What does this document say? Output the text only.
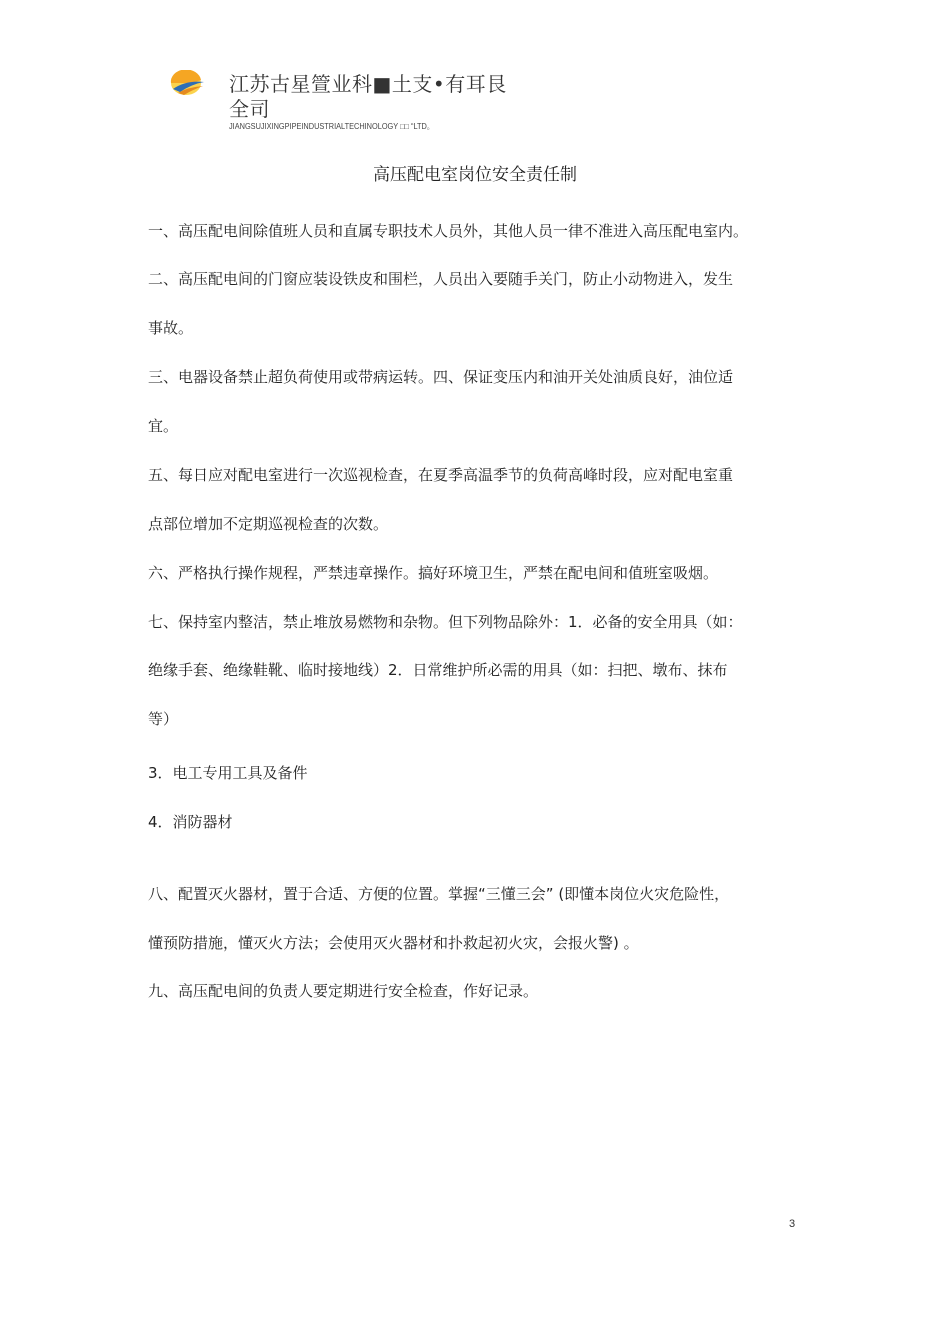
江苏古星箮业科■土支•有耳艮全司
JIANGSUJIXINGPIPEINDUSTRIALTECHINOLOGY □□ “LTD。
高压配电室岗位安全责任制
一、高压配电间除值班人员和直属专职技术人员外，其他人员一律不准进入高压配电室内。
二、高压配电间的门窗应装设铁皮和围栏，人员出入要随手关门，防止小动物进入，发生
事故。
三、电器设备禁止超负荷使用或带病运转。四、保证变压内和油开关处油质良好，油位适
宜。
五、每日应对配电室进行一次巡视检查，在夏季高温季节的负荷高峰时段，应对配电室重
点部位增加不定期巡视检查的次数。
六、严格执行操作规程，严禁违章操作。搞好环境卫生，严禁在配电间和值班室吸烟。
七、保持室内整洁，禁止堆放易燃物和杂物。但下列物品除外：1．必备的安全用具（如：
绝缘手套、绝缘鞋靴、临时接地线）2．日常维护所必需的用具（如：扫把、墩布、抹布
等）
3．电工专用工具及备件
4．消防器材
八、配置灭火器材，置于合适、方便的位置。掌握“三懂三会” (即懂本岗位火灾危险性，
懂预防措施，懂灭火方法；会使用灭火器材和扑救起初火灾，会报火警) 。
九、高压配电间的负责人要定期进行安全检查，作好记录。
3
